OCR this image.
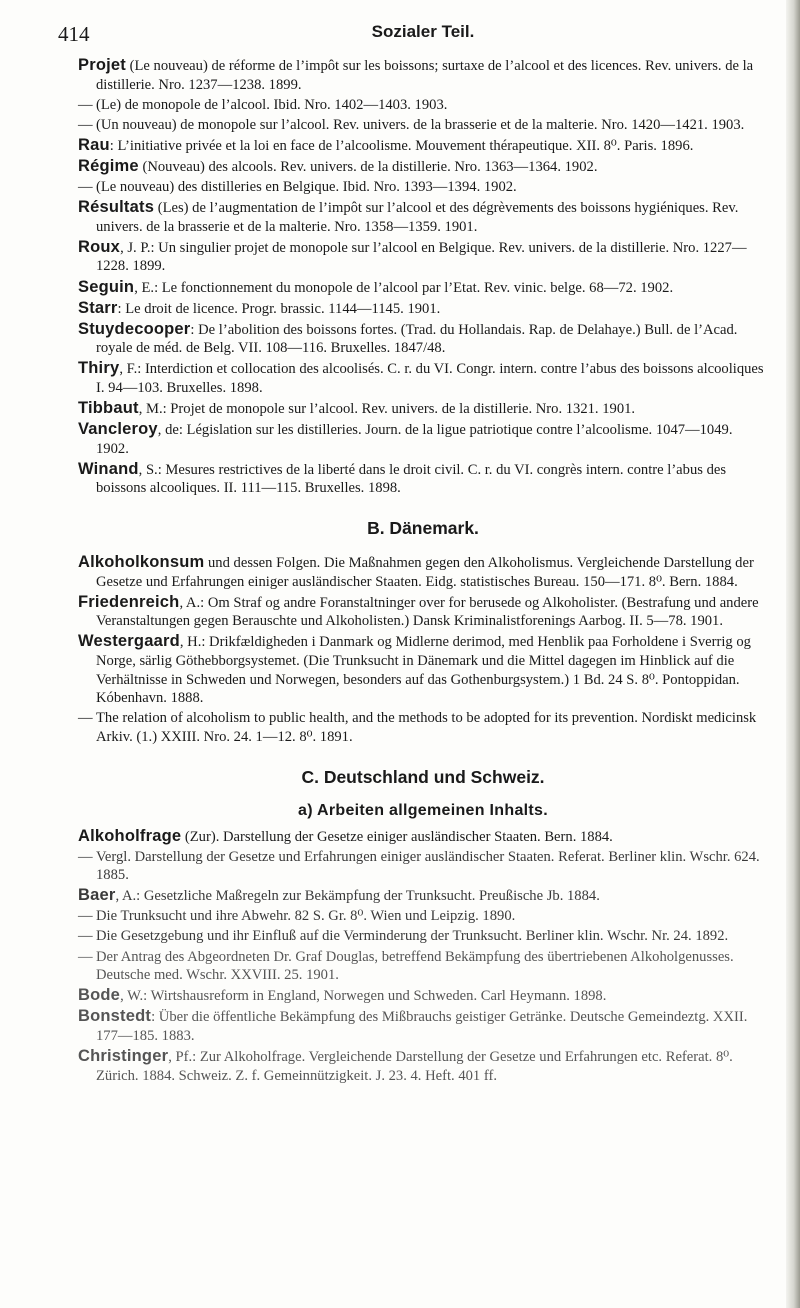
414	Sozialer Teil.

Projet (Le nouveau) de réforme de l’impôt sur les boissons; surtaxe de l’alcool et des licences. Rev. univers. de la distillerie. Nro. 1237—1238. 1899.

— (Le) de monopole de l’alcool. Ibid. Nro. 1402—1403. 1903.

— (Un nouveau) de monopole sur l’alcool. Rev. univers. de la brasserie et de la malterie. Nro. 1420—1421. 1903.

Rau: L’initiative privée et la loi en face de l’alcoolisme. Mouvement thérapeutique. XII. 8⁰. Paris. 1896.

Régime (Nouveau) des alcools. Rev. univers. de la distillerie. Nro. 1363—1364. 1902.

— (Le nouveau) des distilleries en Belgique. Ibid. Nro. 1393—1394. 1902.

Résultats (Les) de l’augmentation de l’impôt sur l’alcool et des dégrèvements des boissons hygiéniques. Rev. univers. de la brasserie et de la malterie. Nro. 1358—1359. 1901.

Roux, J. P.: Un singulier projet de monopole sur l’alcool en Belgique. Rev. univers. de la distillerie. Nro. 1227—1228. 1899.

Seguin, E.: Le fonctionnement du monopole de l’alcool par l’Etat. Rev. vinic. belge. 68—72. 1902.

Starr: Le droit de licence. Progr. brassic. 1144—1145. 1901.

Stuydecooper: De l’abolition des boissons fortes. (Trad. du Hollandais. Rap. de Delahaye.) Bull. de l’Acad. royale de méd. de Belg. VII. 108—116. Bruxelles. 1847/48.

Thiry, F.: Interdiction et collocation des alcoolisés. C. r. du VI. Congr. intern. contre l’abus des boissons alcooliques I. 94—103. Bruxelles. 1898.

Tibbaut, M.: Projet de monopole sur l’alcool. Rev. univers. de la distillerie. Nro. 1321. 1901.

Vancleroy, de: Législation sur les distilleries. Journ. de la ligue patriotique contre l’alcoolisme. 1047—1049. 1902.

Winand, S.: Mesures restrictives de la liberté dans le droit civil. C. r. du VI. congrès intern. contre l’abus des boissons alcooliques. II. 111—115. Bruxelles. 1898.

B. Dänemark.

Alkoholkonsum und dessen Folgen. Die Maßnahmen gegen den Alkoholismus. Vergleichende Darstellung der Gesetze und Erfahrungen einiger ausländischer Staaten. Eidg. statistisches Bureau. 150—171. 8⁰. Bern. 1884.

Friedenreich, A.: Om Straf og andre Foranstaltninger over for berusede og Alkoholister. (Bestrafung und andere Veranstaltungen gegen Berauschte und Alkoholisten.) Dansk Kriminalistforenings Aarbog. II. 5—78. 1901.

Westergaard, H.: Drikfældigheden i Danmark og Midlerne derimod, med Henblik paa Forholdene i Sverrig og Norge, särlig Göthebborgsystemet. (Die Trunksucht in Dänemark und die Mittel dagegen im Hinblick auf die Verhältnisse in Schweden und Norwegen, besonders auf das Gothenburgsystem.) 1 Bd. 24 S. 8⁰. Pontoppidan. Kóbenhavn. 1888.

— The relation of alcoholism to public health, and the methods to be adopted for its prevention. Nordiskt medicinsk Arkiv. (1.) XXIII. Nro. 24. 1—12. 8⁰. 1891.

C. Deutschland und Schweiz.
a) Arbeiten allgemeinen Inhalts.

Alkoholfrage (Zur). Darstellung der Gesetze einiger ausländischer Staaten. Bern. 1884.

— Vergl. Darstellung der Gesetze und Erfahrungen einiger ausländischer Staaten. Referat. Berliner klin. Wschr. 624. 1885.

Baer, A.: Gesetzliche Maßregeln zur Bekämpfung der Trunksucht. Preußische Jb. 1884.

— Die Trunksucht und ihre Abwehr. 82 S. Gr. 8⁰. Wien und Leipzig. 1890.

— Die Gesetzgebung und ihr Einfluß auf die Verminderung der Trunksucht. Berliner klin. Wschr. Nr. 24. 1892.

— Der Antrag des Abgeordneten Dr. Graf Douglas, betreffend Bekämpfung des übertriebenen Alkoholgenusses. Deutsche med. Wschr. XXVIII. 25. 1901.

Bode, W.: Wirtshausreform in England, Norwegen und Schweden. Carl Heymann. 1898.

Bonstedt: Über die öffentliche Bekämpfung des Mißbrauchs geistiger Getränke. Deutsche Gemeindeztg. XXII. 177—185. 1883.

Christinger, Pf.: Zur Alkoholfrage. Vergleichende Darstellung der Gesetze und Erfahrungen etc. Referat. 8⁰. Zürich. 1884. Schweiz. Z. f. Gemeinnützigkeit. J. 23. 4. Heft. 401 ff.
